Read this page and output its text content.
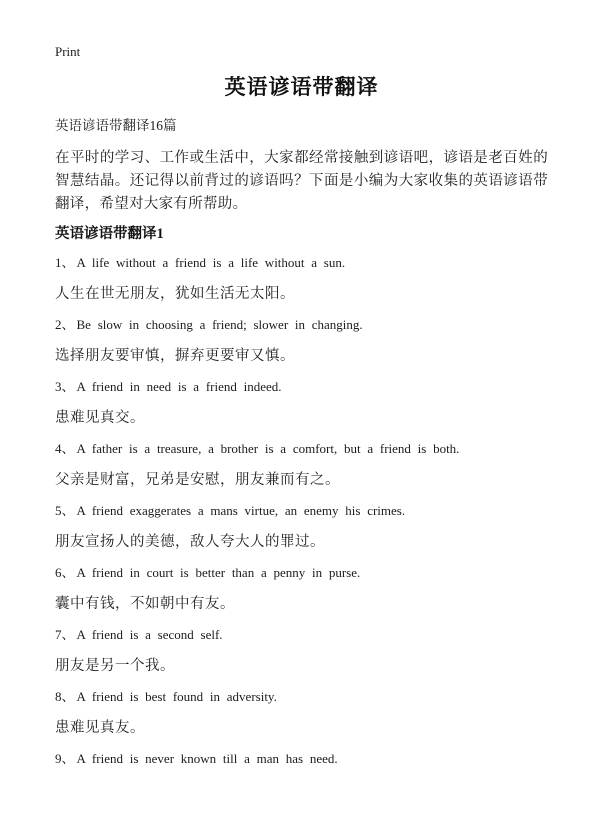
Print

英语谚语带翻译

英语谚语带翻译16篇

在平时的学习、工作或生活中，大家都经常接触到谚语吧，谚语是老百姓的智慧结晶。还记得以前背过的谚语吗？下面是小编为大家收集的英语谚语带翻译，希望对大家有所帮助。

英语谚语带翻译1

1、 A life without a friend is a life without a sun.

人生在世无朋友，犹如生活无太阳。

2、 Be slow in choosing a friend; slower in changing.

选择朋友要审慎，摒弃更要审又慎。

3、 A friend in need is a friend indeed.

患难见真交。

4、 A father is a treasure, a brother is a comfort, but a friend is both.

父亲是财富，兄弟是安慰，朋友兼而有之。

5、 A friend exaggerates a mans virtue, an enemy his crimes.

朋友宣扬人的美德，敌人夸大人的罪过。

6、 A friend in court is better than a penny in purse.

囊中有钱，不如朝中有友。

7、 A friend is a second self.

朋友是另一个我。

8、 A friend is best found in adversity.

患难见真友。

9、 A friend is never known till a man has need.
